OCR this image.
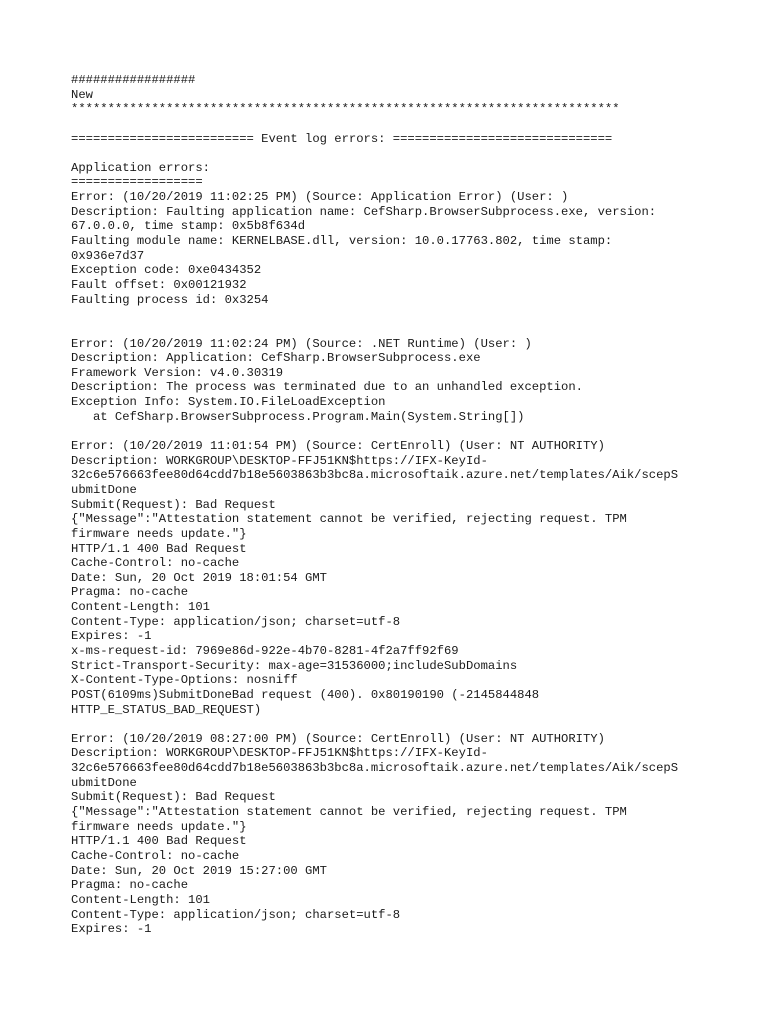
#################
New
***************************************************************************
========================= Event log errors: ==============================
Application errors:
==================
Error: (10/20/2019 11:02:25 PM) (Source: Application Error) (User: )
Description: Faulting application name: CefSharp.BrowserSubprocess.exe, version:
67.0.0.0, time stamp: 0x5b8f634d
Faulting module name: KERNELBASE.dll, version: 10.0.17763.802, time stamp:
0x936e7d37
Exception code: 0xe0434352
Fault offset: 0x00121932
Faulting process id: 0x3254
Error: (10/20/2019 11:02:24 PM) (Source: .NET Runtime) (User: )
Description: Application: CefSharp.BrowserSubprocess.exe
Framework Version: v4.0.30319
Description: The process was terminated due to an unhandled exception.
Exception Info: System.IO.FileLoadException
at CefSharp.BrowserSubprocess.Program.Main(System.String[])
Error: (10/20/2019 11:01:54 PM) (Source: CertEnroll) (User: NT AUTHORITY)
Description: WORKGROUP\DESKTOP-FFJ51KN$https://IFX-KeyId-
32c6e576663fee80d64cdd7b18e5603863b3bc8a.microsoftaik.azure.net/templates/Aik/scepS
ubmitDone
Submit(Request): Bad Request
{"Message":"Attestation statement cannot be verified, rejecting request. TPM
firmware needs update."}
HTTP/1.1 400 Bad Request
Cache-Control: no-cache
Date: Sun, 20 Oct 2019 18:01:54 GMT
Pragma: no-cache
Content-Length: 101
Content-Type: application/json; charset=utf-8
Expires: -1
x-ms-request-id: 7969e86d-922e-4b70-8281-4f2a7ff92f69
Strict-Transport-Security: max-age=31536000;includeSubDomains
X-Content-Type-Options: nosniff
POST(6109ms)SubmitDoneBad request (400). 0x80190190 (-2145844848
HTTP_E_STATUS_BAD_REQUEST)
Error: (10/20/2019 08:27:00 PM) (Source: CertEnroll) (User: NT AUTHORITY)
Description: WORKGROUP\DESKTOP-FFJ51KN$https://IFX-KeyId-
32c6e576663fee80d64cdd7b18e5603863b3bc8a.microsoftaik.azure.net/templates/Aik/scepS
ubmitDone
Submit(Request): Bad Request
{"Message":"Attestation statement cannot be verified, rejecting request. TPM
firmware needs update."}
HTTP/1.1 400 Bad Request
Cache-Control: no-cache
Date: Sun, 20 Oct 2019 15:27:00 GMT
Pragma: no-cache
Content-Length: 101
Content-Type: application/json; charset=utf-8
Expires: -1
